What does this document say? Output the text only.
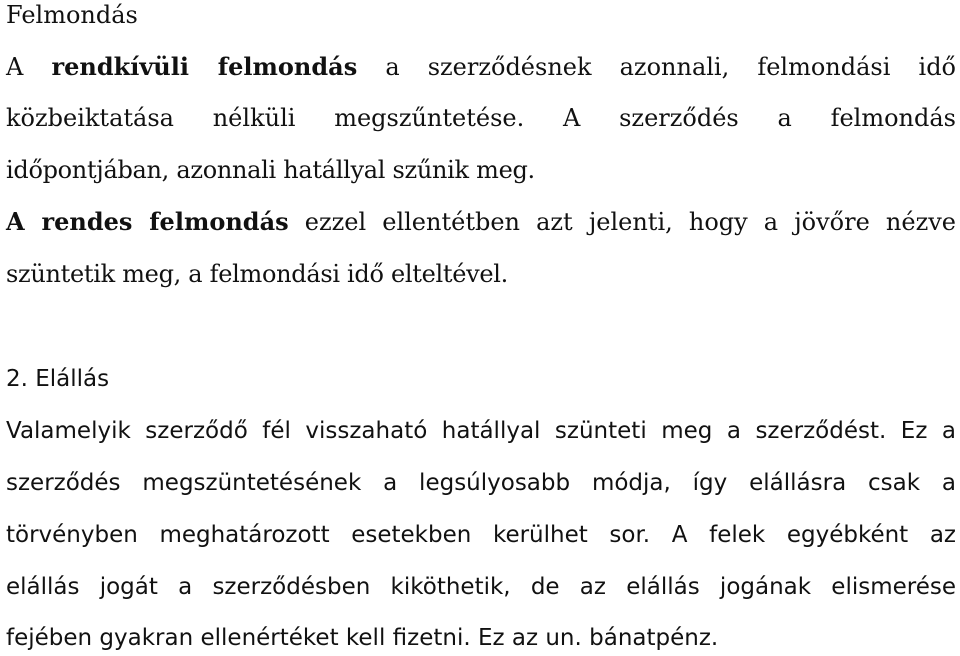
Felmondás
A rendkívüli felmondás a szerződésnek azonnali, felmondási idő
közbeiktatása nélküli megszűntetése. A szerződés a felmondás
időpontjában, azonnali hatállyal szűnik meg.
A rendes felmondás ezzel ellentétben azt jelenti, hogy a jövőre nézve
szüntetik meg, a felmondási idő elteltével.
2. Elállás
Valamelyik szerződő fél visszaható hatállyal szünteti meg a szerződést. Ez a
szerződés megszüntetésének a legsúlyosabb módja, így elállásra csak a
törvényben meghatározott esetekben kerülhet sor. A felek egyébként az
elállás jogát a szerződésben kiköthetik, de az elállás jogának elismerése
fejében gyakran ellenértéket kell fizetni. Ez az un. bánatpénz.
